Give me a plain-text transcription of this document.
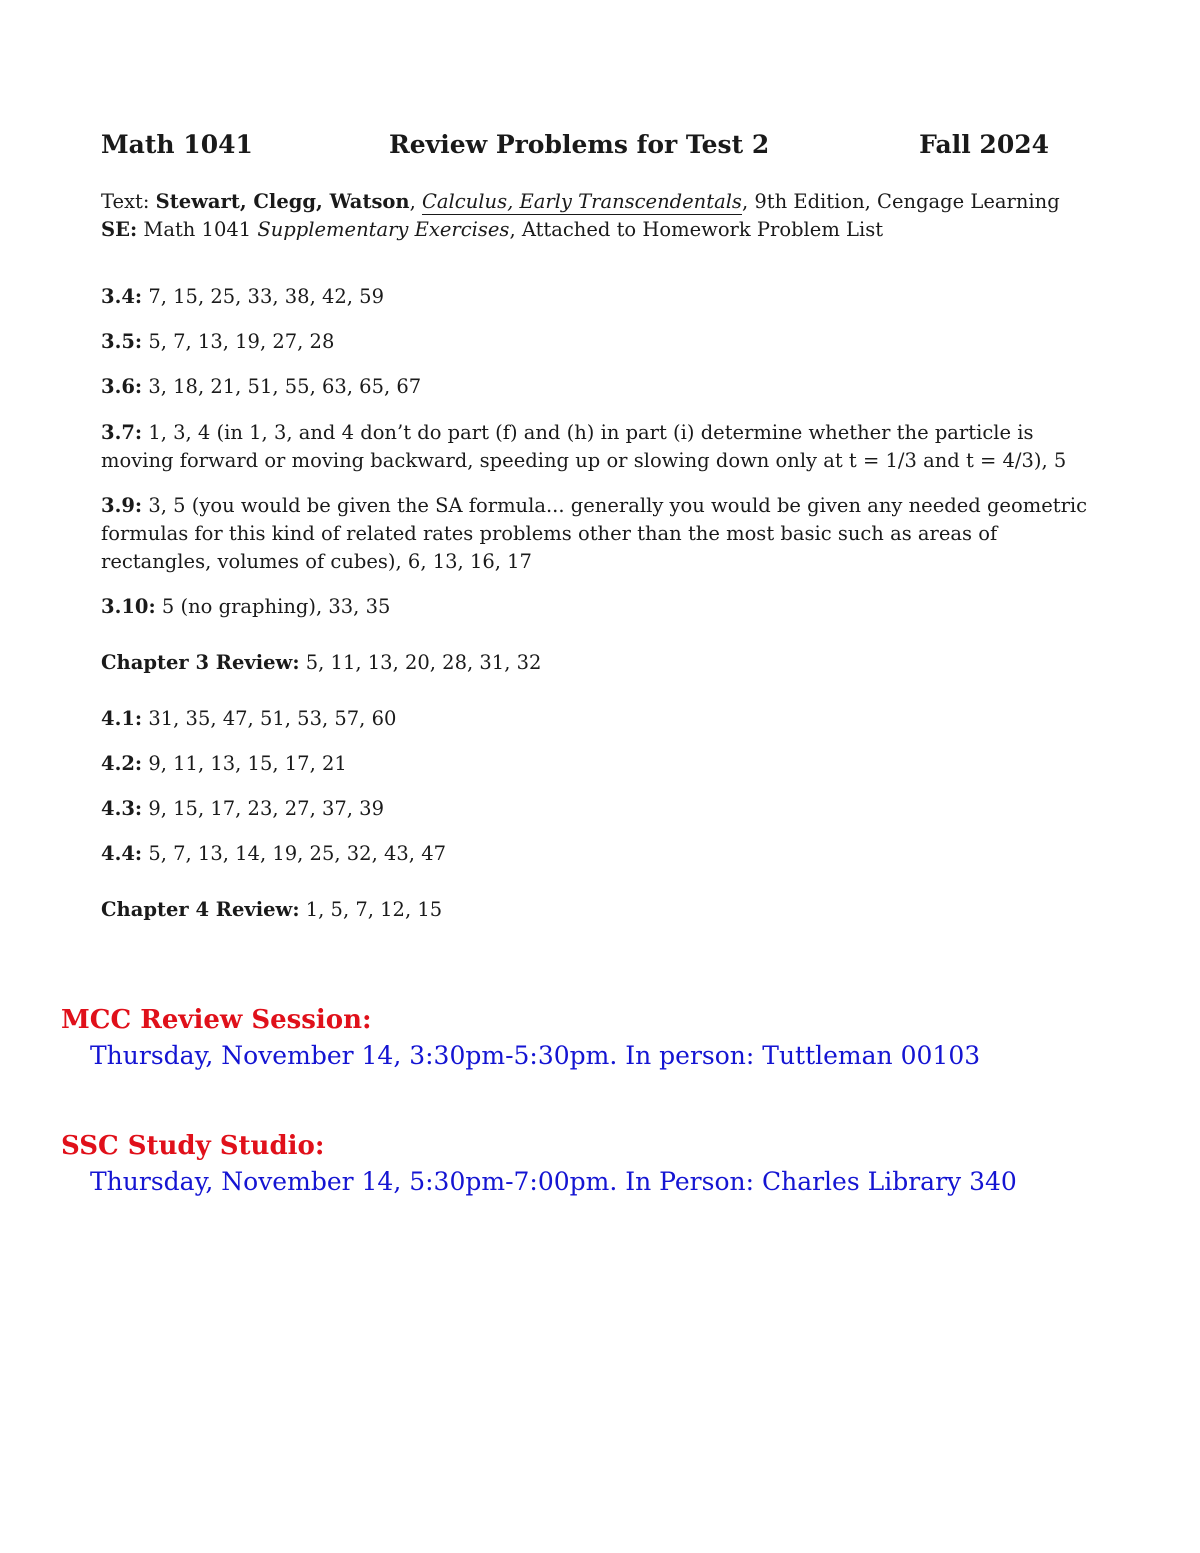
Math 1041	Review Problems for Test 2	Fall 2024
Text: Stewart, Clegg, Watson, Calculus, Early Transcendentals, 9th Edition, Cengage Learning
SE: Math 1041 Supplementary Exercises, Attached to Homework Problem List
3.4: 7, 15, 25, 33, 38, 42, 59
3.5: 5, 7, 13, 19, 27, 28
3.6: 3, 18, 21, 51, 55, 63, 65, 67
3.7: 1, 3, 4 (in 1, 3, and 4 don’t do part (f) and (h) in part (i) determine whether the particle is moving forward or moving backward, speeding up or slowing down only at t = 1/3 and t = 4/3), 5
3.9: 3, 5 (you would be given the SA formula... generally you would be given any needed geometric formulas for this kind of related rates problems other than the most basic such as areas of rectangles, volumes of cubes), 6, 13, 16, 17
3.10: 5 (no graphing), 33, 35
Chapter 3 Review: 5, 11, 13, 20, 28, 31, 32
4.1: 31, 35, 47, 51, 53, 57, 60
4.2: 9, 11, 13, 15, 17, 21
4.3: 9, 15, 17, 23, 27, 37, 39
4.4: 5, 7, 13, 14, 19, 25, 32, 43, 47
Chapter 4 Review: 1, 5, 7, 12, 15
MCC Review Session:
Thursday, November 14, 3:30pm-5:30pm. In person: Tuttleman 00103
SSC Study Studio:
Thursday, November 14, 5:30pm-7:00pm. In Person: Charles Library 340
